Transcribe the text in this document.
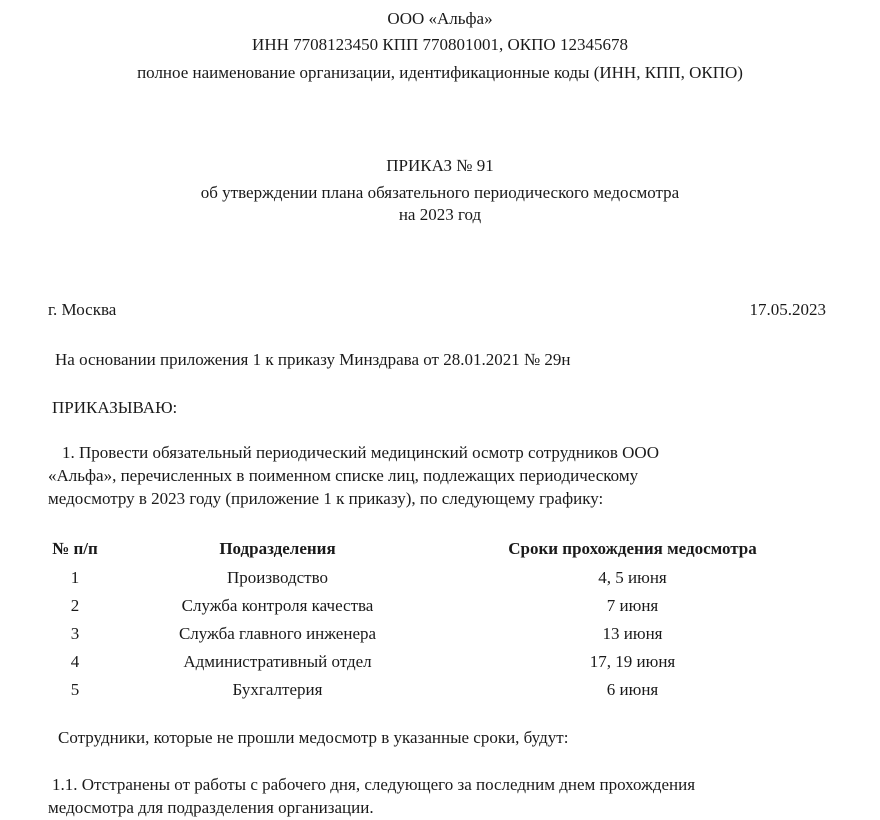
ООО «Альфа»
ИНН 7708123450 КПП 770801001, ОКПО 12345678
полное наименование организации, идентификационные коды (ИНН, КПП, ОКПО)
ПРИКАЗ № 91
об утверждении плана обязательного периодического медосмотра
на 2023 год
г. Москва	17.05.2023
На основании приложения 1 к приказу Минздрава от 28.01.2021 № 29н
ПРИКАЗЫВАЮ:
1. Провести обязательный периодический медицинский осмотр сотрудников ООО
«Альфа», перечисленных в поименном списке лиц, подлежащих периодическому
медосмотру в 2023 году (приложение 1 к приказу), по следующему графику:
№ п/п	Подразделения	Сроки прохождения медосмотра
1	Производство	4, 5 июня
2	Служба контроля качества	7 июня
3	Служба главного инженера	13 июня
4	Административный отдел	17, 19 июня
5	Бухгалтерия	6 июня
Сотрудники, которые не прошли медосмотр в указанные сроки, будут:
1.1. Отстранены от работы с рабочего дня, следующего за последним днем прохождения
медосмотра для подразделения организации.
